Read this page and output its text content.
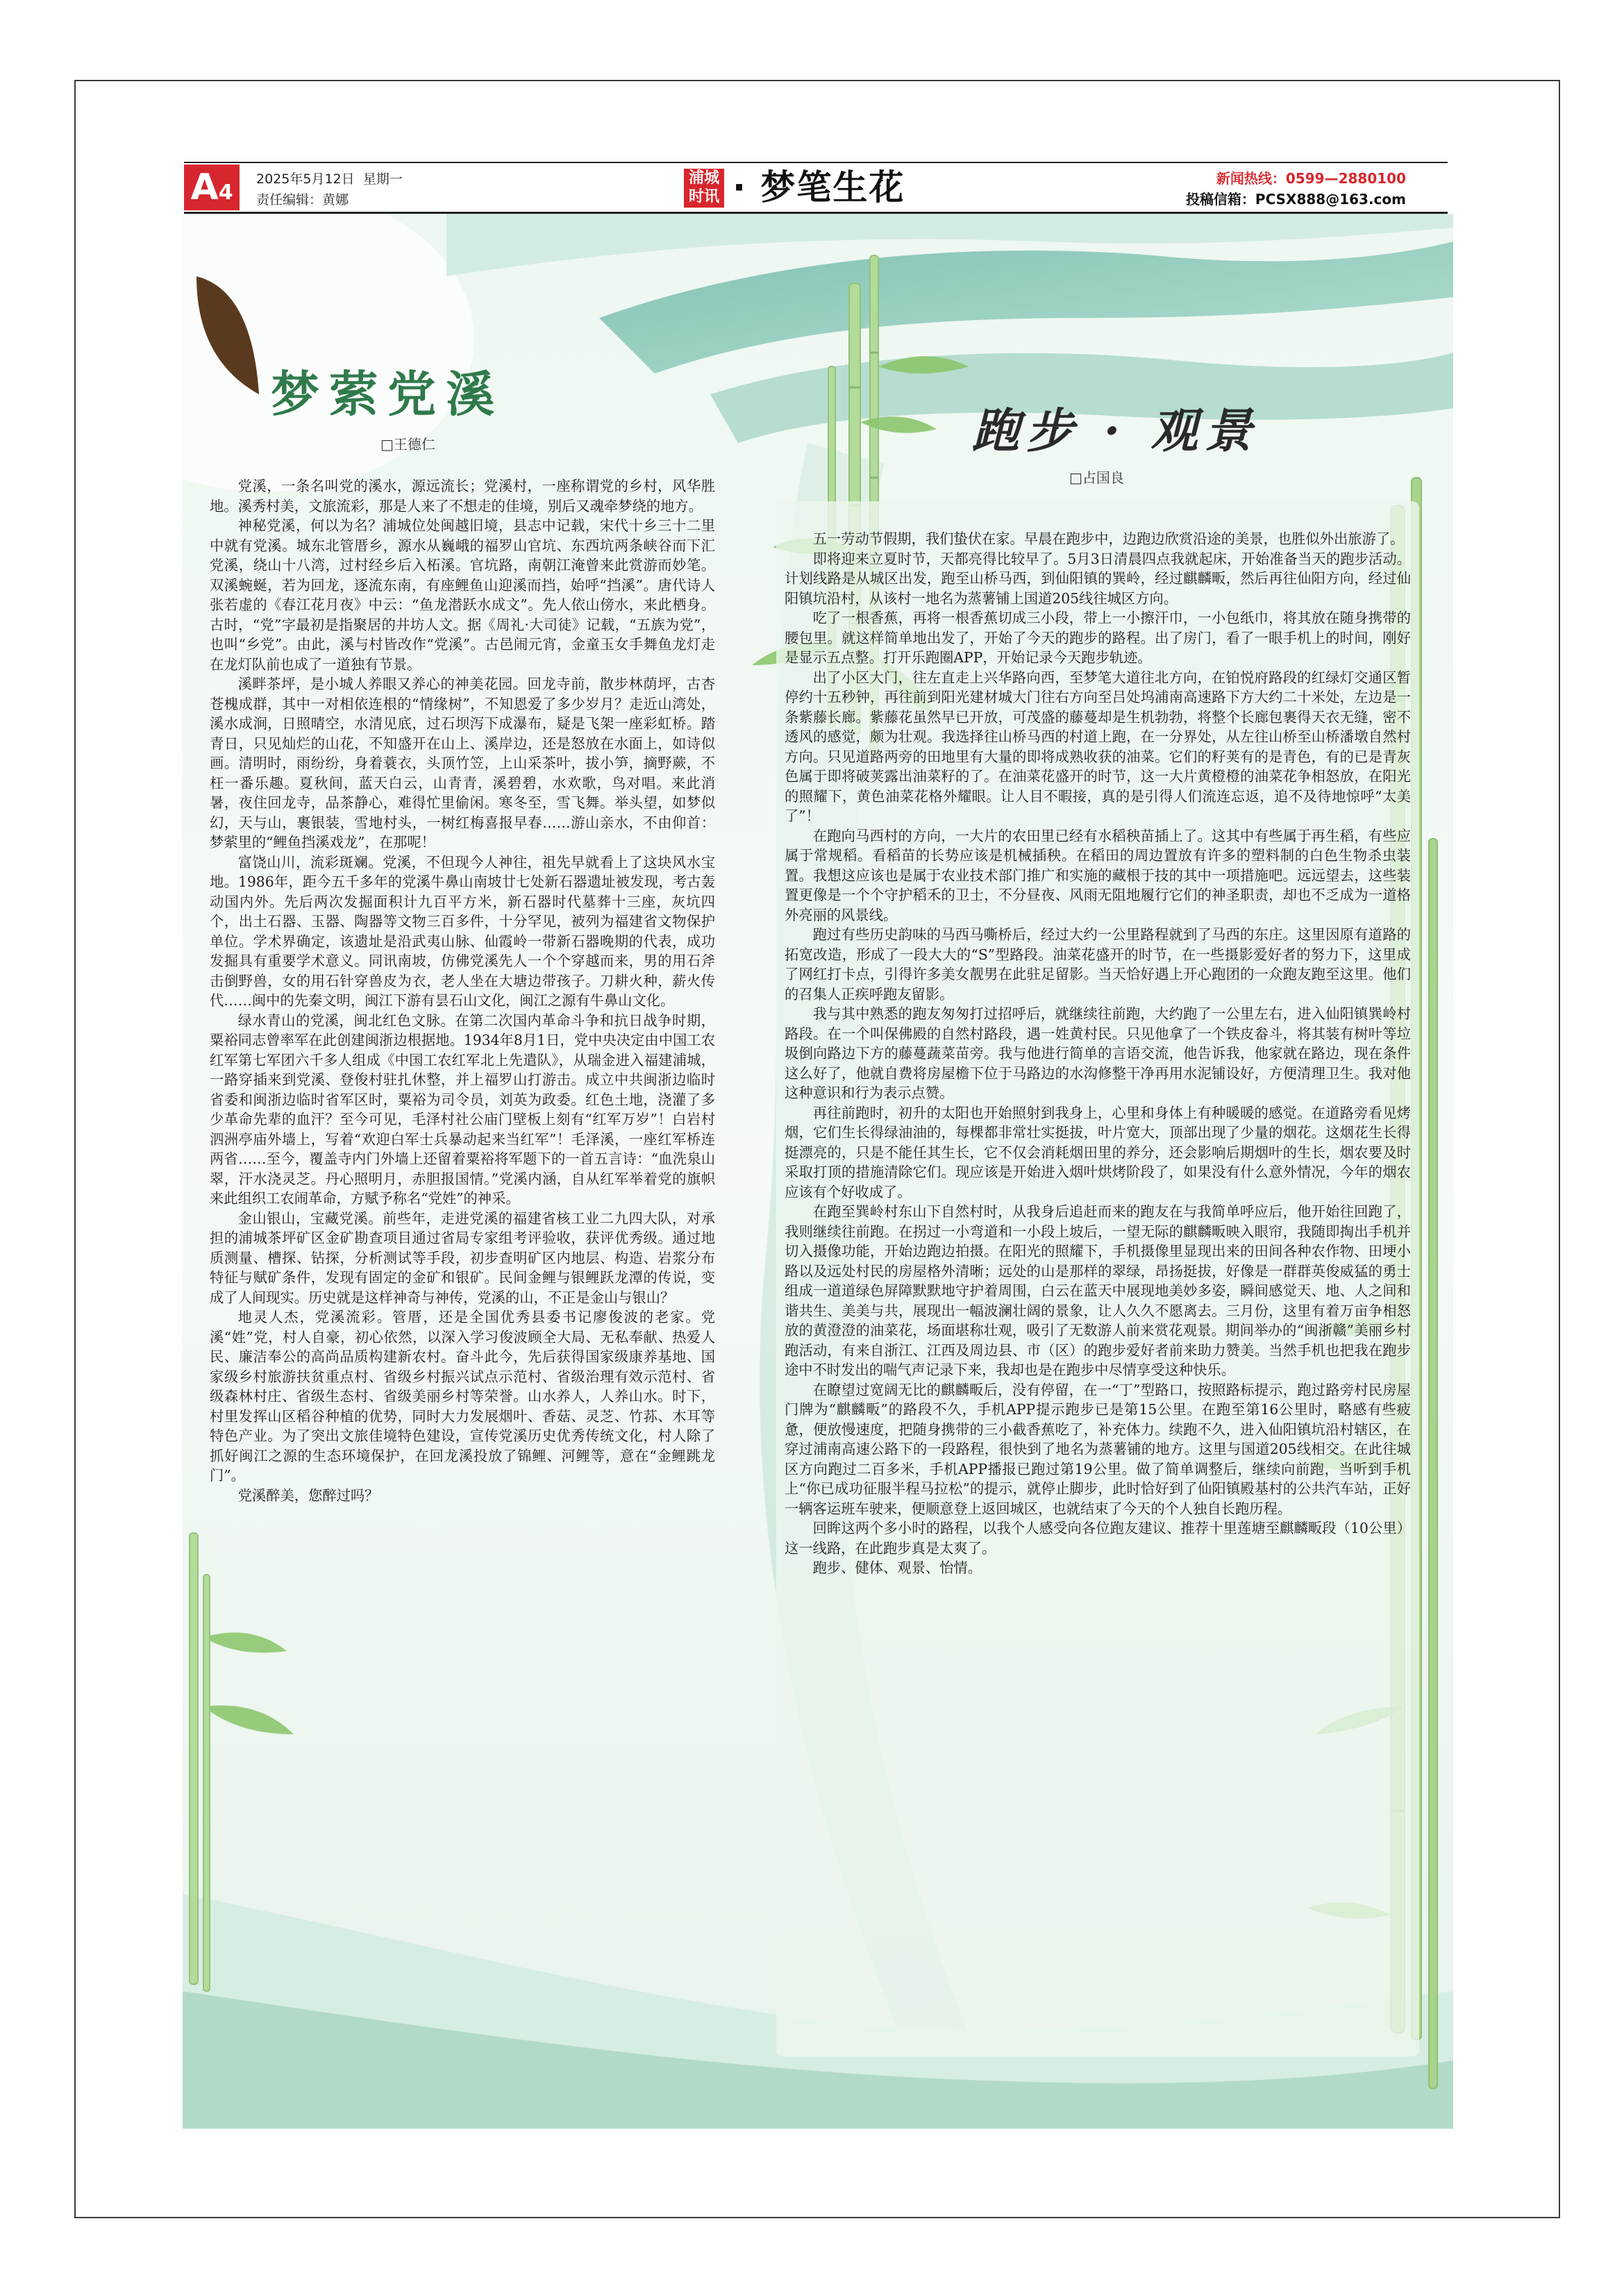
A4
2025年5月12日 星期一
责任编辑：黄娜
浦城
时讯 · 梦笔生花	新闻热线：0599—2880100
投稿信箱：PCSX888@163.com
梦萦党溪
□王德仁

党溪，一条名叫党的溪水，源远流长；党溪村，一座称谓党的乡村，风华胜地。溪秀村美，文旅流彩，那是人来了不想走的佳境，别后又魂牵梦绕的地方。

神秘党溪，何以为名？浦城位处闽越旧境，县志中记载，宋代十乡三十二里中就有党溪。城东北管厝乡，源水从巍峨的福罗山官坑、东西坑两条峡谷而下汇党溪，绕山十八湾，过村经乡后入柘溪。官坑路，南朝江淹曾来此赏游而妙笔。双溪蜿蜒，若为回龙，逐流东南，有座鲤鱼山迎溪而挡，始呼“挡溪”。唐代诗人张若虚的《春江花月夜》中云：“鱼龙潜跃水成文”。先人依山傍水，来此栖身。古时，“党”字最初是指聚居的井坊人文。据《周礼·大司徒》记载，“五族为党”，也叫“乡党”。由此，溪与村皆改作“党溪”。古邑闹元宵，金童玉女手舞鱼龙灯走在龙灯队前也成了一道独有节景。

溪畔茶坪，是小城人养眼又养心的神美花园。回龙寺前，散步林荫坪，古杏苍槐成群，其中一对相依连根的“情缘树”，不知恩爱了多少岁月？走近山湾处，溪水成涧，日照晴空，水清见底，过石坝泻下成瀑布，疑是飞架一座彩虹桥。踏青日，只见灿烂的山花，不知盛开在山上、溪岸边，还是怒放在水面上，如诗似画。清明时，雨纷纷，身着蓑衣，头顶竹笠，上山采茶叶，拔小笋，摘野蕨，不枉一番乐趣。夏秋间，蓝天白云，山青青，溪碧碧，水欢歌，鸟对唱。来此消暑，夜住回龙寺，品茶静心，难得忙里偷闲。寒冬至，雪飞舞。举头望，如梦似幻，天与山，裹银装，雪地村头，一树红梅喜报早春……游山亲水，不由仰首：梦萦里的“鲤鱼挡溪戏龙”，在那呢！

富饶山川，流彩斑斓。党溪，不但现今人神往，祖先早就看上了这块风水宝地。1986年，距今五千多年的党溪牛鼻山南坡廿七处新石器遗址被发现，考古轰动国内外。先后两次发掘面积计九百平方米，新石器时代墓葬十三座，灰坑四个，出土石器、玉器、陶器等文物三百多件，十分罕见，被列为福建省文物保护单位。学术界确定，该遗址是沿武夷山脉、仙霞岭一带新石器晚期的代表，成功发掘具有重要学术意义。同讯南坡，仿佛党溪先人一个个穿越而来，男的用石斧击倒野兽，女的用石针穿兽皮为衣，老人坐在大塘边带孩子。刀耕火种，薪火传代……闽中的先秦文明，闽江下游有昙石山文化，闽江之源有牛鼻山文化。

绿水青山的党溪，闽北红色文脉。在第二次国内革命斗争和抗日战争时期，粟裕同志曾率军在此创建闽浙边根据地。1934年8月1日，党中央决定由中国工农红军第七军团六千多人组成《中国工农红军北上先遣队》，从瑞金进入福建浦城，一路穿插来到党溪、登俊村驻扎休整，并上福罗山打游击。成立中共闽浙边临时省委和闽浙边临时省军区时，粟裕为司令员，刘英为政委。红色土地，浇灌了多少革命先辈的血汗？至今可见，毛泽村社公庙门壁板上刻有“红军万岁”！白岩村泗洲亭庙外墙上，写着“欢迎白军士兵暴动起来当红军”！毛泽溪，一座红军桥连两省……至今，覆盖寺内门外墙上还留着粟裕将军题下的一首五言诗：“血洗泉山翠，汗水浇灵芝。丹心照明月，赤胆报国情。”党溪内涵，自从红军举着党的旗帜来此组织工农闹革命，方赋予称名“党姓”的神采。

金山银山，宝藏党溪。前些年，走进党溪的福建省核工业二九四大队，对承担的浦城茶坪矿区金矿勘查项目通过省局专家组考评验收，获评优秀级。通过地质测量、槽探、钻探，分析测试等手段，初步查明矿区内地层、构造、岩浆分布特征与赋矿条件，发现有固定的金矿和银矿。民间金鲤与银鲤跃龙潭的传说，变成了人间现实。历史就是这样神奇与神传，党溪的山，不正是金山与银山？

地灵人杰，党溪流彩。管厝，还是全国优秀县委书记廖俊波的老家。党溪“姓”党，村人自豪，初心依然，以深入学习俊波顾全大局、无私奉献、热爱人民、廉洁奉公的高尚品质构建新农村。奋斗此今，先后获得国家级康养基地、国家级乡村旅游扶贫重点村、省级乡村振兴试点示范村、省级治理有效示范村、省级森林村庄、省级生态村、省级美丽乡村等荣誉。山水养人，人养山水。时下，村里发挥山区稻谷种植的优势，同时大力发展烟叶、香菇、灵芝、竹荪、木耳等特色产业。为了突出文旅佳境特色建设，宣传党溪历史优秀传统文化，村人除了抓好闽江之源的生态环境保护，在回龙溪投放了锦鲤、河鲤等，意在“金鲤跳龙门”。

党溪醉美，您醉过吗？

跑步 · 观景
□占国良

五一劳动节假期，我们蛰伏在家。早晨在跑步中，边跑边欣赏沿途的美景，也胜似外出旅游了。

即将迎来立夏时节，天都亮得比较早了。5月3日清晨四点我就起床，开始准备当天的跑步活动。计划线路是从城区出发，跑至山桥马西，到仙阳镇的巽岭，经过麒麟畈，然后再往仙阳方向，经过仙阳镇坑沿村，从该村一地名为蒸薯铺上国道205线往城区方向。

吃了一根香蕉，再将一根香蕉切成三小段，带上一小擦汗巾，一小包纸巾，将其放在随身携带的腰包里。就这样简单地出发了，开始了今天的跑步的路程。出了房门，看了一眼手机上的时间，刚好是显示五点整。打开乐跑圈APP，开始记录今天跑步轨迹。

出了小区大门，往左直走上兴华路向西，至梦笔大道往北方向，在铂悦府路段的红绿灯交通区暂停约十五秒钟，再往前到阳光建材城大门往右方向至吕处坞浦南高速路下方大约二十米处，左边是一条紫藤长廊。紫藤花虽然早已开放，可茂盛的藤蔓却是生机勃勃，将整个长廊包裹得天衣无缝，密不透风的感觉，颇为壮观。我选择往山桥马西的村道上跑，在一分界处，从左往山桥至山桥潘墩自然村方向。只见道路两旁的田地里有大量的即将成熟收获的油菜。它们的籽荚有的是青色，有的已是青灰色属于即将破荚露出油菜籽的了。在油菜花盛开的时节，这一大片黄橙橙的油菜花争相怒放，在阳光的照耀下，黄色油菜花格外耀眼。让人目不暇接，真的是引得人们流连忘返，追不及待地惊呼“太美了”！

在跑向马西村的方向，一大片的农田里已经有水稻秧苗插上了。这其中有些属于再生稻，有些应属于常规稻。看稻苗的长势应该是机械插秧。在稻田的周边置放有许多的塑料制的白色生物杀虫装置。我想这应该也是属于农业技术部门推广和实施的藏根于技的其中一项措施吧。远远望去，这些装置更像是一个个守护稻禾的卫士，不分昼夜、风雨无阻地履行它们的神圣职责，却也不乏成为一道格外亮丽的风景线。

跑过有些历史韵味的马西马嘶桥后，经过大约一公里路程就到了马西的东庄。这里因原有道路的拓宽改造，形成了一段大大的“S”型路段。油菜花盛开的时节，在一些摄影爱好者的努力下，这里成了网红打卡点，引得许多美女靓男在此驻足留影。当天恰好遇上开心跑团的一众跑友跑至这里。他们的召集人正疾呼跑友留影。

我与其中熟悉的跑友匆匆打过招呼后，就继续往前跑，大约跑了一公里左右，进入仙阳镇巽岭村路段。在一个叫保佛殿的自然村路段，遇一姓黄村民。只见他拿了一个铁皮畚斗，将其装有树叶等垃圾倒向路边下方的藤蔓蔬菜苗旁。我与他进行简单的言语交流，他告诉我，他家就在路边，现在条件这么好了，他就自费将房屋檐下位于马路边的水沟修整干净再用水泥铺设好，方便清理卫生。我对他这种意识和行为表示点赞。

再往前跑时，初升的太阳也开始照射到我身上，心里和身体上有种暖暖的感觉。在道路旁看见烤烟，它们生长得绿油油的，每棵都非常壮实挺拔，叶片宽大，顶部出现了少量的烟花。这烟花生长得挺漂亮的，只是不能任其生长，它不仅会消耗烟田里的养分，还会影响后期烟叶的生长，烟农要及时采取打顶的措施清除它们。现应该是开始进入烟叶烘烤阶段了，如果没有什么意外情况，今年的烟农应该有个好收成了。

在跑至巽岭村东山下自然村时，从我身后追赶而来的跑友在与我简单呼应后，他开始往回跑了，我则继续往前跑。在拐过一小弯道和一小段上坡后，一望无际的麒麟畈映入眼帘，我随即掏出手机并切入摄像功能，开始边跑边拍摄。在阳光的照耀下，手机摄像里显现出来的田间各种农作物、田埂小路以及远处村民的房屋格外清晰；远处的山是那样的翠绿，昂扬挺拔，好像是一群群英俊威猛的勇士组成一道道绿色屏障默默地守护着周围，白云在蓝天中展现地美妙多姿，瞬间感觉天、地、人之间和谐共生、美美与共，展现出一幅波澜壮阔的景象，让人久久不愿离去。三月份，这里有着万亩争相怒放的黄澄澄的油菜花，场面堪称壮观，吸引了无数游人前来赏花观景。期间举办的“闽浙赣”美丽乡村跑活动，有来自浙江、江西及周边县、市（区）的跑步爱好者前来助力赞美。当然手机也把我在跑步途中不时发出的喘气声记录下来，我却也是在跑步中尽情享受这种快乐。

在瞭望过宽阔无比的麒麟畈后，没有停留，在一“丁”型路口，按照路标提示，跑过路旁村民房屋门牌为“麒麟畈”的路段不久，手机APP提示跑步已是第15公里。在跑至第16公里时，略感有些疲惫，便放慢速度，把随身携带的三小截香蕉吃了，补充体力。续跑不久，进入仙阳镇坑沿村辖区，在穿过浦南高速公路下的一段路程，很快到了地名为蒸薯铺的地方。这里与国道205线相交。在此往城区方向跑过二百多米，手机APP播报已跑过第19公里。做了简单调整后，继续向前跑，当听到手机上“你已成功征服半程马拉松”的提示，就停止脚步，此时恰好到了仙阳镇殿基村的公共汽车站，正好一辆客运班车驶来，便顺意登上返回城区，也就结束了今天的个人独自长跑历程。

回眸这两个多小时的路程，以我个人感受向各位跑友建议、推荐十里莲塘至麒麟畈段（10公里）这一线路，在此跑步真是太爽了。

跑步、健体、观景、怡情。
